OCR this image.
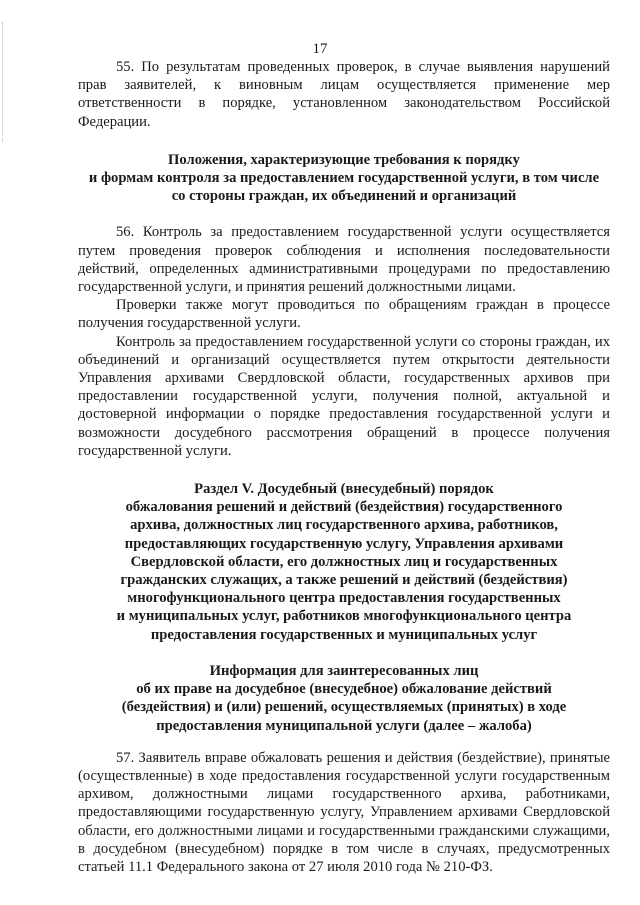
17

55. По результатам проведенных проверок, в случае выявления нарушений прав заявителей, к виновным лицам осуществляется применение мер ответственности в порядке, установленном законодательством Российской Федерации.

Положения, характеризующие требования к порядку

и формам контроля за предоставлением государственной услуги, в том числе

со стороны граждан, их объединений и организаций

56. Контроль за предоставлением государственной услуги осуществляется путем проведения проверок соблюдения и исполнения последовательности действий, определенных административными процедурами по предоставлению государственной услуги, и принятия решений должностными лицами.

Проверки также могут проводиться по обращениям граждан в процессе получения государственной услуги.

Контроль за предоставлением государственной услуги со стороны граждан, их объединений и организаций осуществляется путем открытости деятельности Управления архивами Свердловской области, государственных архивов при предоставлении государственной услуги, получения полной, актуальной и достоверной информации о порядке предоставления государственной услуги и возможности досудебного рассмотрения обращений в процессе получения государственной услуги.

Раздел V. Досудебный (внесудебный) порядок

обжалования решений и действий (бездействия) государственного

архива, должностных лиц государственного архива, работников,

предоставляющих государственную услугу, Управления архивами

Свердловской области, его должностных лиц и государственных

гражданских служащих, а также решений и действий (бездействия)

многофункционального центра предоставления государственных

и муниципальных услуг, работников многофункционального центра

предоставления государственных и муниципальных услуг

Информация для заинтересованных лиц

об их праве на досудебное (внесудебное) обжалование действий

(бездействия) и (или) решений, осуществляемых (принятых) в ходе

предоставления муниципальной услуги (далее – жалоба)

57. Заявитель вправе обжаловать решения и действия (бездействие), принятые (осуществленные) в ходе предоставления государственной услуги государственным архивом, должностными лицами государственного архива, работниками, предоставляющими государственную услугу, Управлением архивами Свердловской области, его должностными лицами и государственными гражданскими служащими, в досудебном (внесудебном) порядке в том числе в случаях, предусмотренных статьей 11.1 Федерального закона от 27 июля 2010 года № 210-ФЗ.
